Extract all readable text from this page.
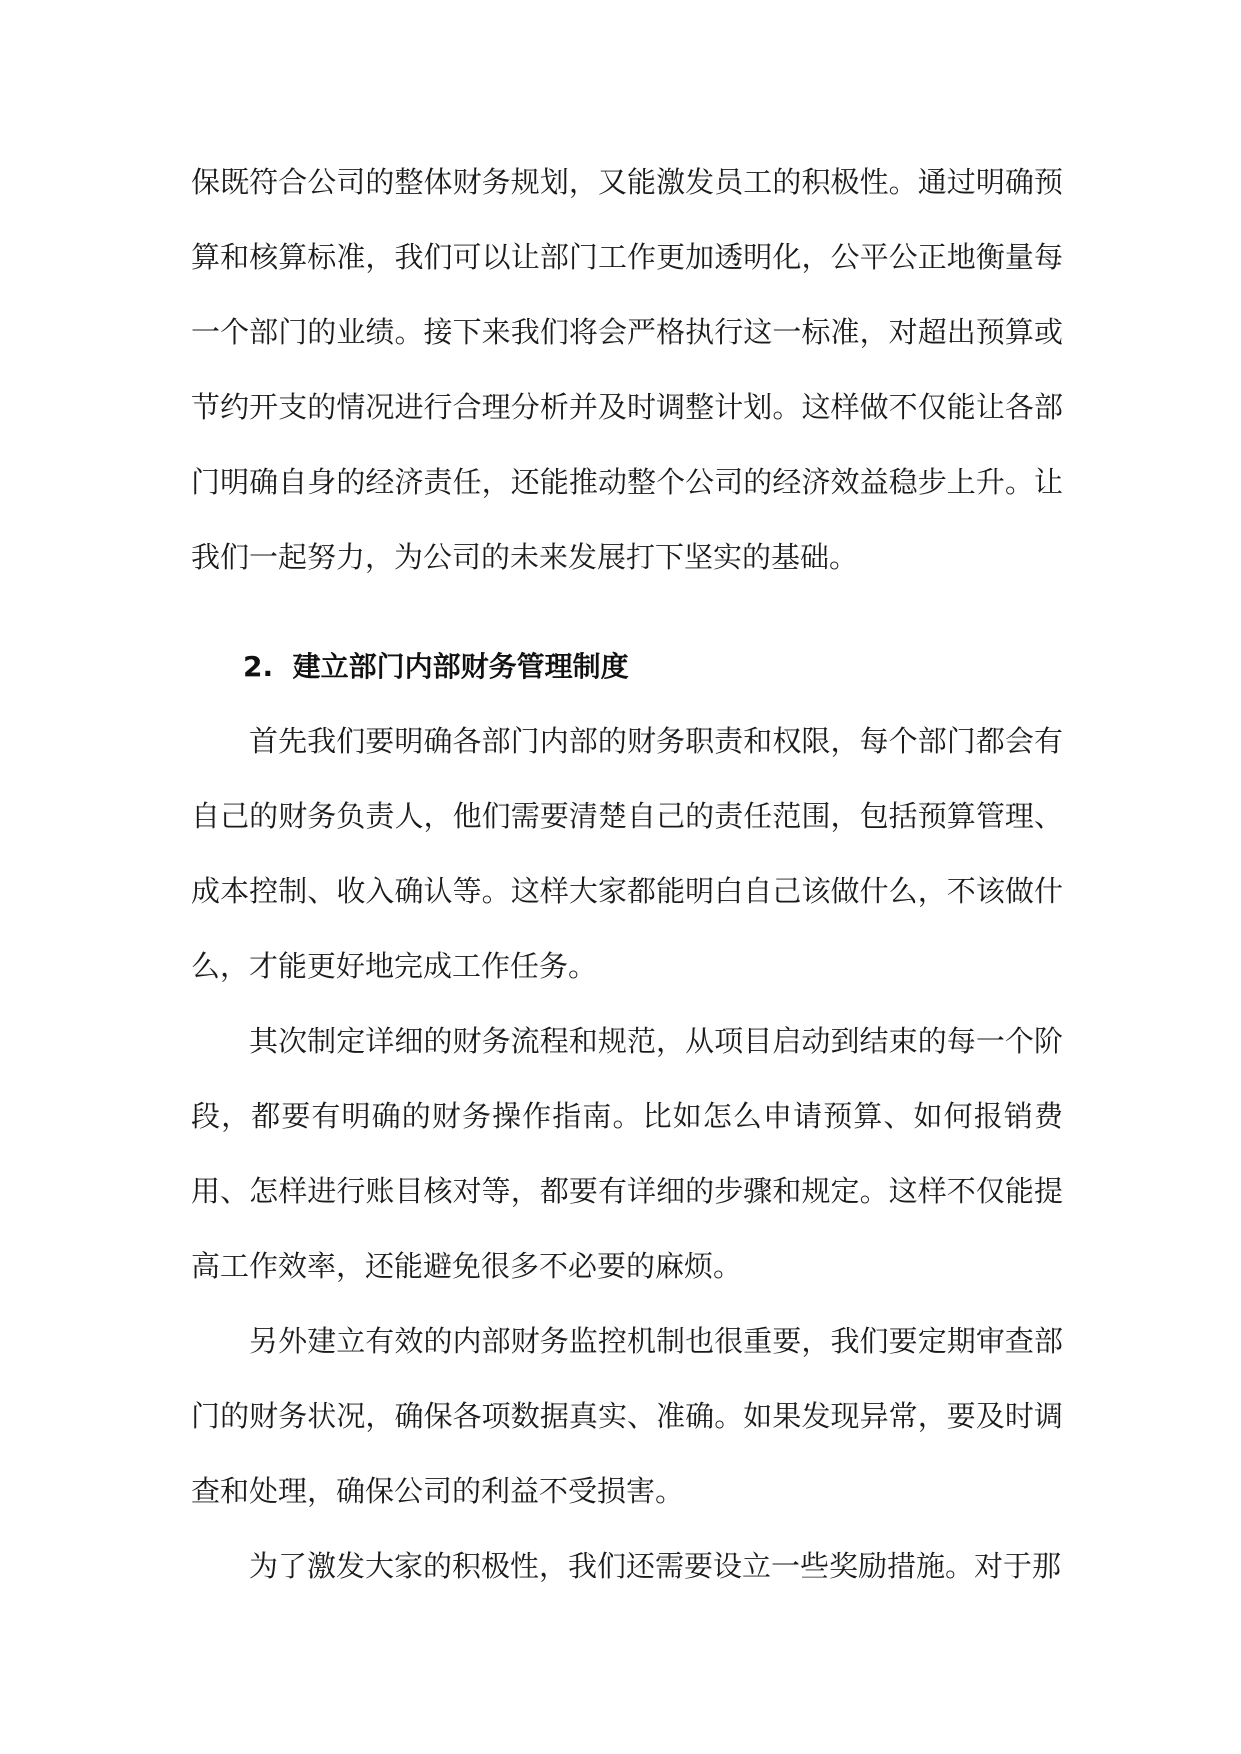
保既符合公司的整体财务规划，又能激发员工的积极性。通过明确预算和核算标准，我们可以让部门工作更加透明化，公平公正地衡量每一个部门的业绩。接下来我们将会严格执行这一标准，对超出预算或节约开支的情况进行合理分析并及时调整计划。这样做不仅能让各部门明确自身的经济责任，还能推动整个公司的经济效益稳步上升。让我们一起努力，为公司的未来发展打下坚实的基础。

2. 建立部门内部财务管理制度

首先我们要明确各部门内部的财务职责和权限，每个部门都会有自己的财务负责人，他们需要清楚自己的责任范围，包括预算管理、成本控制、收入确认等。这样大家都能明白自己该做什么，不该做什么，才能更好地完成工作任务。

其次制定详细的财务流程和规范，从项目启动到结束的每一个阶段，都要有明确的财务操作指南。比如怎么申请预算、如何报销费用、怎样进行账目核对等，都要有详细的步骤和规定。这样不仅能提高工作效率，还能避免很多不必要的麻烦。

另外建立有效的内部财务监控机制也很重要，我们要定期审查部门的财务状况，确保各项数据真实、准确。如果发现异常，要及时调查和处理，确保公司的利益不受损害。

为了激发大家的积极性，我们还需要设立一些奖励措施。对于那
